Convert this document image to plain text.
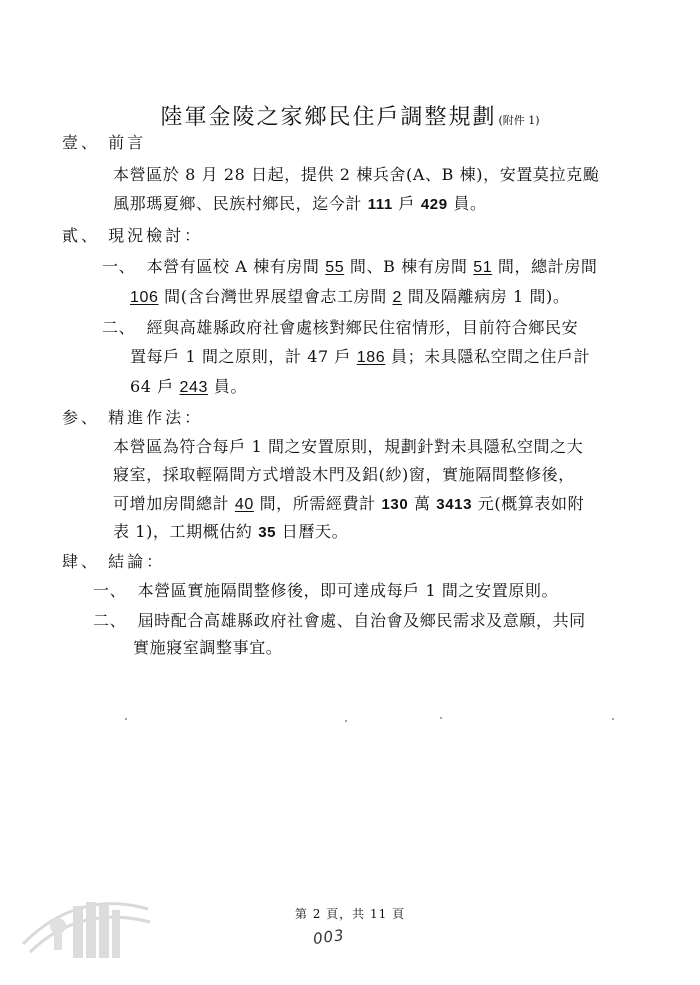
陸軍金陵之家鄉民住戶調整規劃 (附件 1)
壹、 前言
本營區於 8 月 28 日起，提供 2 棟兵舍(A、B 棟)，安置莫拉克颱
風那瑪夏鄉、民族村鄉民，迄今計 111 戶 429 員。
貳、 現況檢討：
一、 本營有區校 A 棟有房間 55 間、B 棟有房間 51 間，總計房間
106 間(含台灣世界展望會志工房間 2 間及隔離病房 1 間)。
二、 經與高雄縣政府社會處核對鄉民住宿情形，目前符合鄉民安
置每戶 1 間之原則，計 47 戶 186 員；未具隱私空間之住戶計
64 戶 243 員。
参、 精進作法：
本營區為符合每戶 1 間之安置原則，規劃針對未具隱私空間之大
寢室，採取輕隔間方式增設木門及鋁(紗)窗，實施隔間整修後，
可增加房間總計 40 間，所需經費計 130 萬 3413 元(概算表如附
表 1)，工期概估約 35 日曆天。
肆、 結論：
一、 本營區實施隔間整修後，即可達成每戶 1 間之安置原則。
二、 屆時配合高雄縣政府社會處、自治會及鄉民需求及意願，共同
實施寢室調整事宜。
第 2 頁，共 11 頁
003
